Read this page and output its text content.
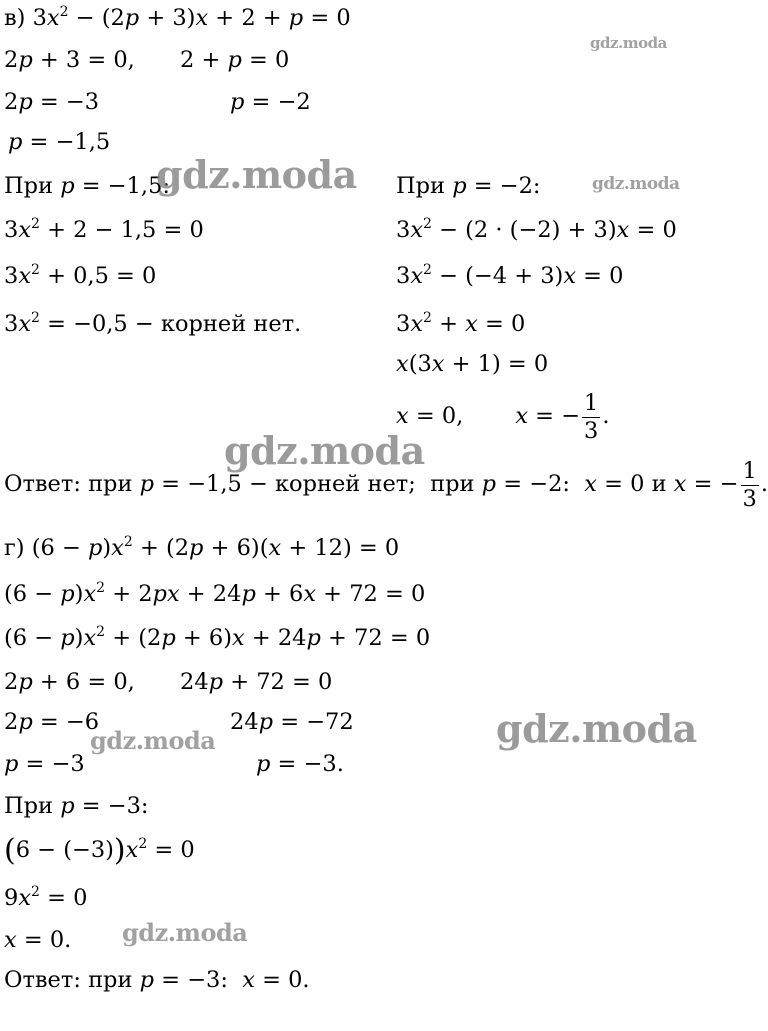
в) $3x^2 - (2p + 3)x + 2 + p = 0$
2p + 3 = 0, 2 + p = 0
2p = −3	p = −2
p = −1,5
При p = −1,5:	При p = −2:
$3x^2 + 2 - 1,5 = 0$	$3x^2 - (2 \cdot (-2) + 3)x = 0$
$3x^2 + 0,5 = 0$	$3x^2 - (-4 + 3)x = 0$
$3x^2 = -0,5$ − корней нет.	$3x^2 + x = 0$
x(3x + 1) = 0
x = 0, x = − $\frac{1}{3}$ .
Ответ: при p = −1,5 − корней нет;  при p = −2:  x = 0 и x = − $\frac{1}{3}$ .
г) $(6 - p)x^2 + (2p + 6)(x + 12) = 0$
$(6 - p)x^2 + 2px + 24p + 6x + 72 = 0$
$(6 - p)x^2 + (2p + 6)x + 24p + 72 = 0$
2p + 6 = 0, 24p + 72 = 0
2p = −6	24p = −72
p = −3	p = −3.
При p = −3:
$(6 - (-3))x^2 = 0$
$9x^2 = 0$
x = 0.
Ответ: при p = −3:  x = 0.
gdz.moda
gdz.moda	gdz.moda
gdz.moda
gdz.moda	gdz.moda
gdz.moda
